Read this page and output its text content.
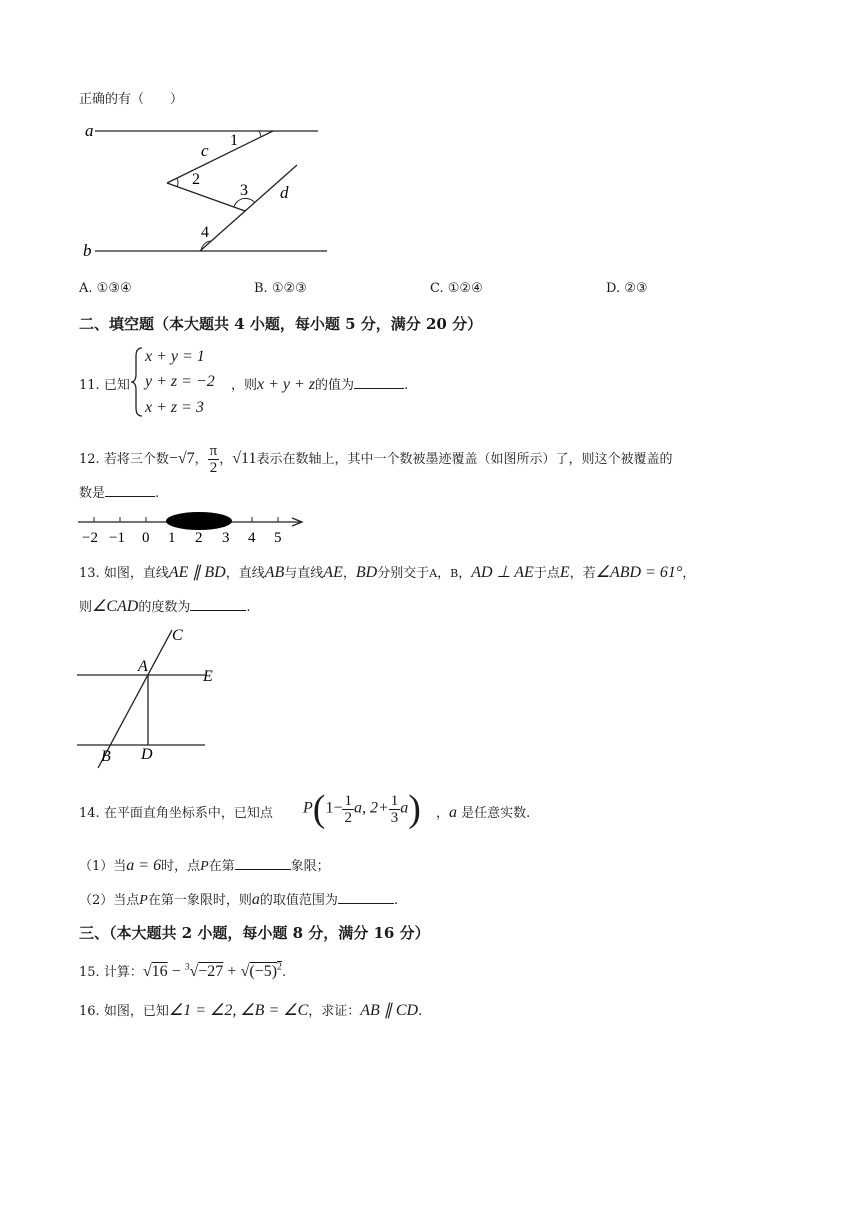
正确的有（　　）
a
b
c
d
1
2
3
4
A. ①③④	B. ①②③	C. ①②④	D. ②③
二、填空题（本大题共 4 小题，每小题 5 分，满分 20 分）
11. 已知
x + y = 1
y + z = −2
x + z = 3
，则x + y + z的值为	.
12. 若将三个数−√7， $\frac{\pi}{2}$ ，√11表示在数轴上，其中一个数被墨迹覆盖（如图所示）了，则这个被覆盖的
数是	.
−2 −1 0 1 2 3 4 5
13. 如图，直线AE ∥ BD，直线AB与直线AE，BD分别交于A，B，AD ⊥ AE于点E，若∠ABD = 61°，
则∠CAD的度数为	.
A
C
E
B D
14. 在平面直角坐标系中，已知点 $P(1- \frac{1}{2} a$, $2+ \frac{1}{3} a$) ，a 是任意实数.
（1）当a = 6时，点P在第	象限；
（2）当点P在第一象限时，则a的取值范围为	.
三、（本大题共 2 小题，每小题 8 分，满分 16 分）
15. 计算：$√16 - ^3√-27 + √(-5)^2$.
16. 如图，已知∠1 = ∠2, ∠B = ∠C，求证：AB ∥ CD.
